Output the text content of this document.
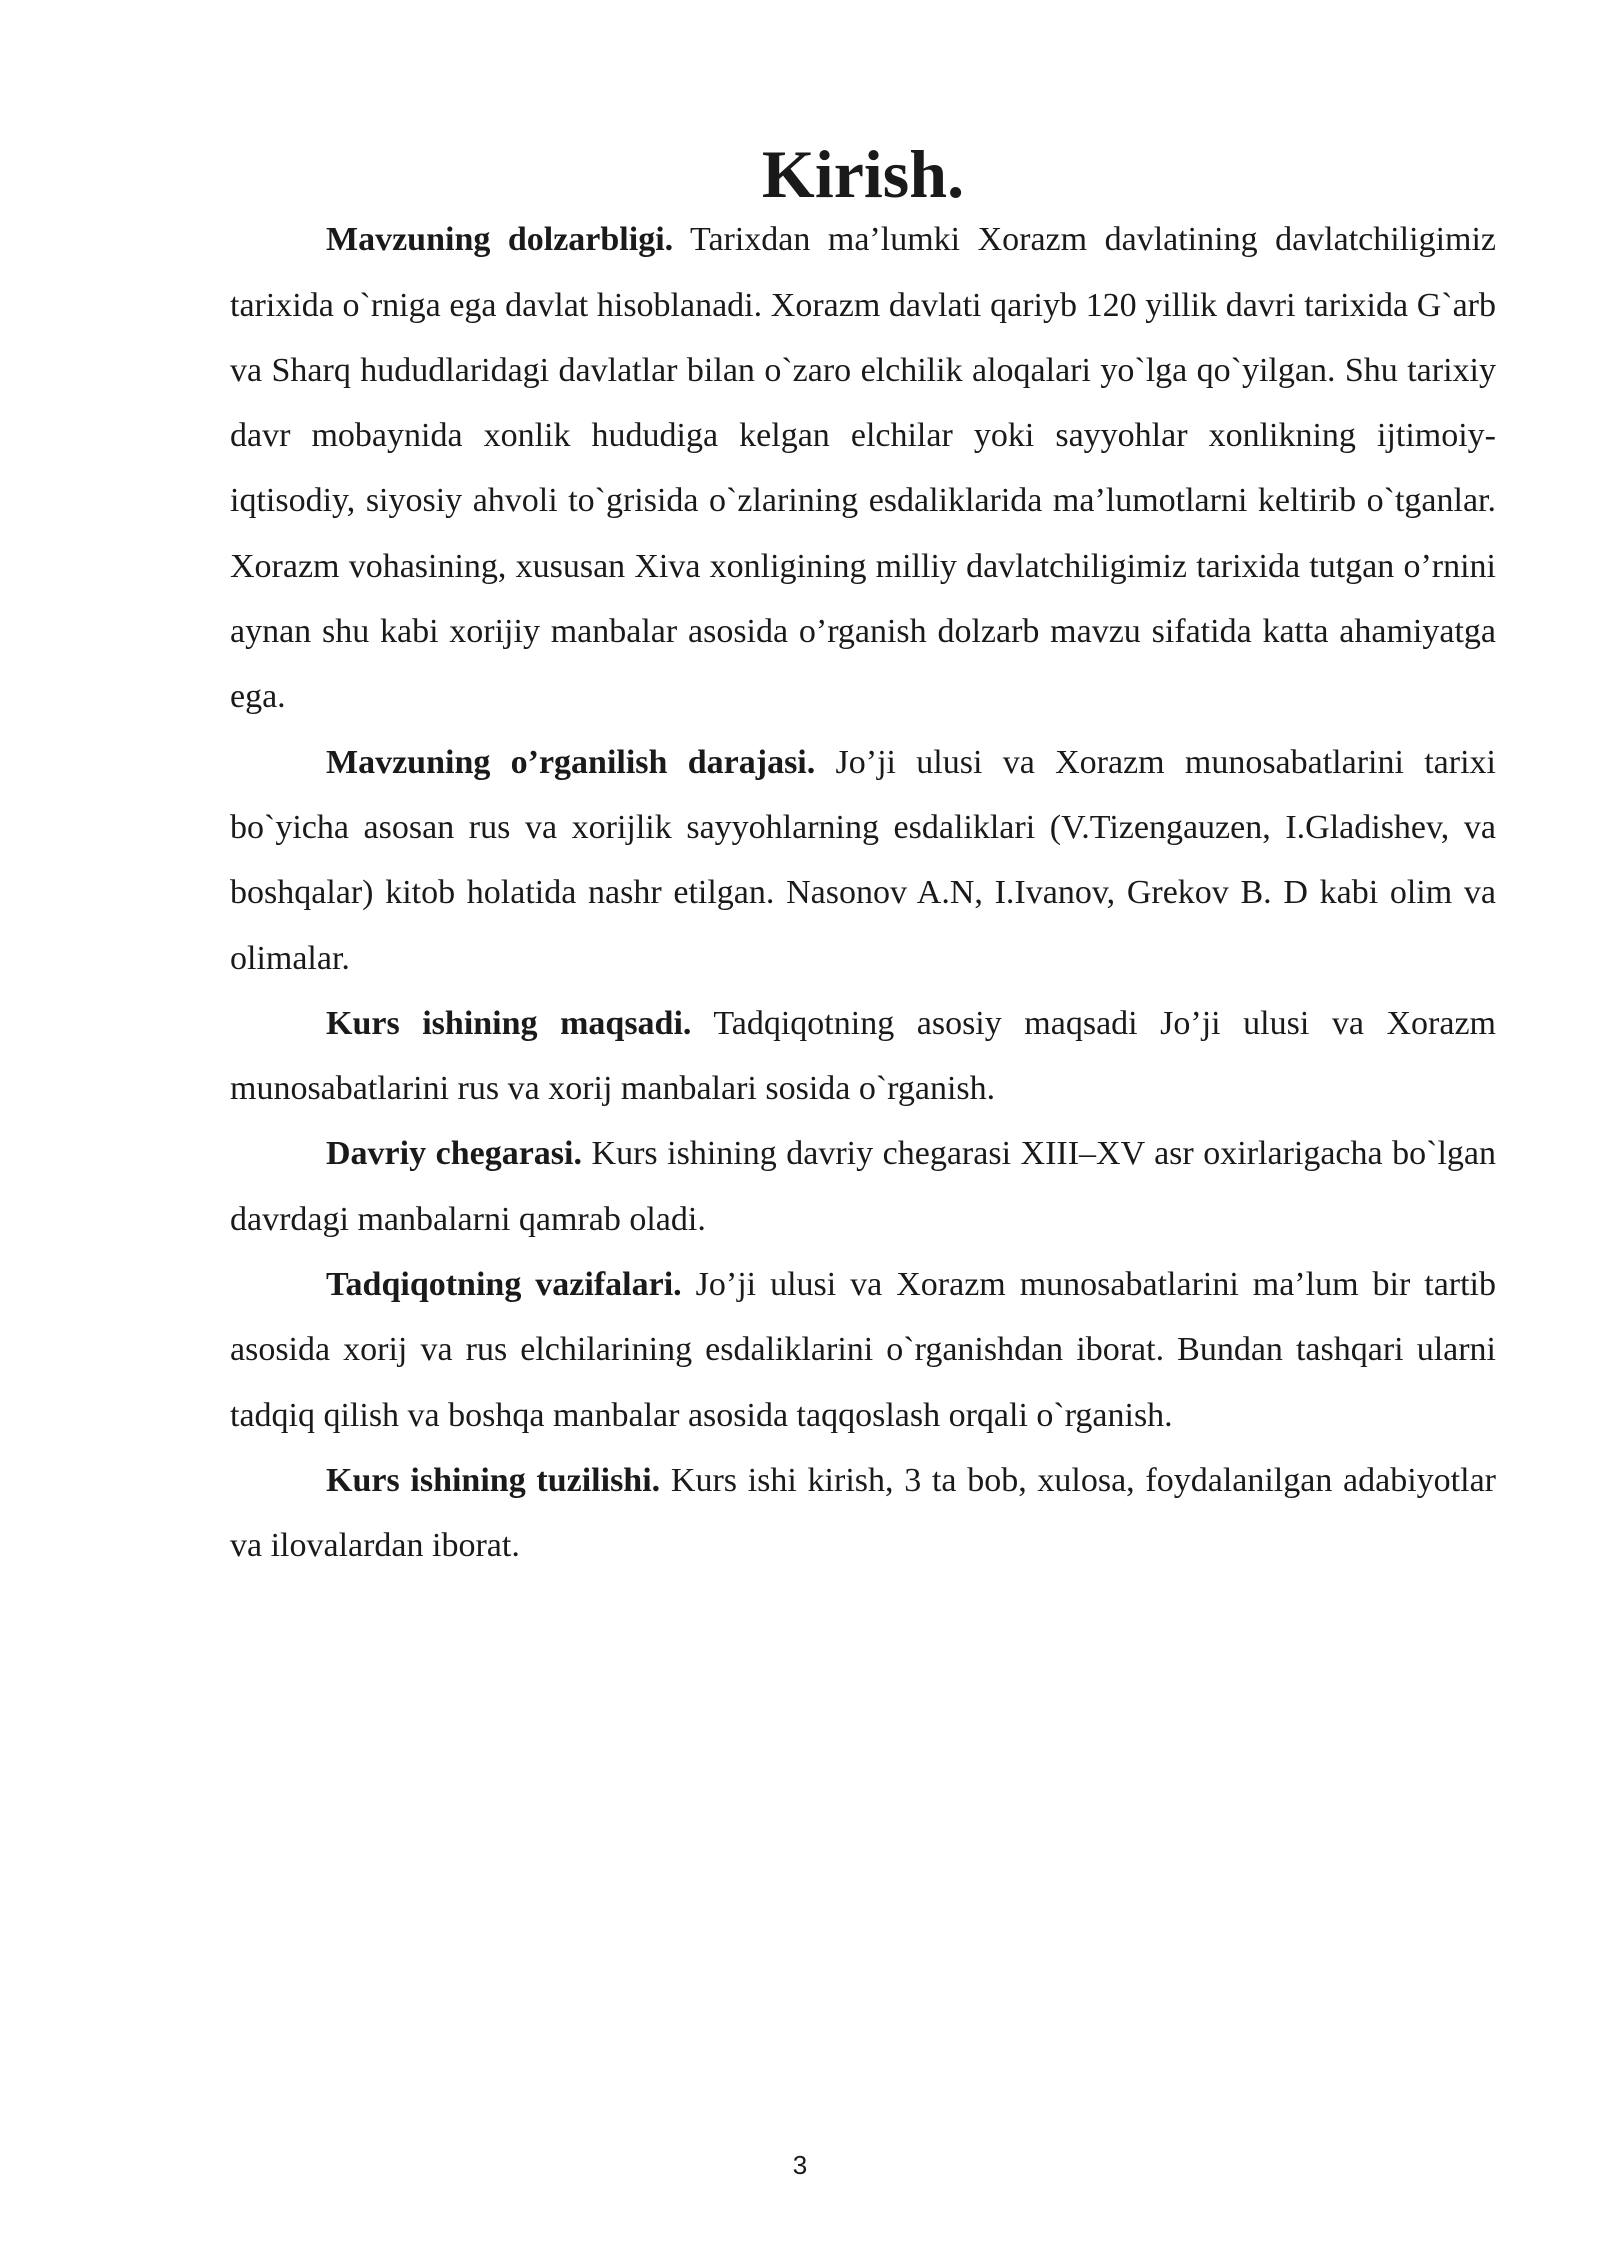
Kirish.

Mavzuning dolzarbligi. Tarixdan ma’lumki Xorazm davlatining davlatchiligimiz tarixida o`rniga ega davlat hisoblanadi. Xorazm davlati qariyb 120 yillik davri tarixida G`arb va Sharq hududlaridagi davlatlar bilan o`zaro elchilik aloqalari yo`lga qo`yilgan. Shu tarixiy davr mobaynida xonlik hududiga kelgan elchilar yoki sayyohlar xonlikning ijtimoiy-iqtisodiy, siyosiy ahvoli to`grisida o`zlarining esdaliklarida ma’lumotlarni keltirib o`tganlar. Xorazm vohasining, xususan Xiva xonligining milliy davlatchiligimiz tarixida tutgan o’rnini aynan shu kabi xorijiy manbalar asosida o’rganish dolzarb mavzu sifatida katta ahamiyatga ega.

Mavzuning o’rganilish darajasi. Jo’ji ulusi va Xorazm munosabatlarini tarixi bo`yicha asosan rus va xorijlik sayyohlarning esdaliklari (V.Tizengauzen, I.Gladishev, va boshqalar) kitob holatida nashr etilgan. Nasonov A.N, I.Ivanov, Grekov B. D kabi olim va olimalar.

Kurs ishining maqsadi. Tadqiqotning asosiy maqsadi Jo’ji ulusi va Xorazm munosabatlarini rus va xorij manbalari sosida o`rganish.

Davriy chegarasi. Kurs ishining davriy chegarasi XIII–XV asr oxirlarigacha bo`lgan davrdagi manbalarni qamrab oladi.

Tadqiqotning vazifalari. Jo’ji ulusi va Xorazm munosabatlarini ma’lum bir tartib asosida xorij va rus elchilarining esdaliklarini o`rganishdan iborat. Bundan tashqari ularni tadqiq qilish va boshqa manbalar asosida taqqoslash orqali o`rganish.

Kurs ishining tuzilishi. Kurs ishi kirish, 3 ta bob, xulosa, foydalanilgan adabiyotlar va ilovalardan iborat.

3
